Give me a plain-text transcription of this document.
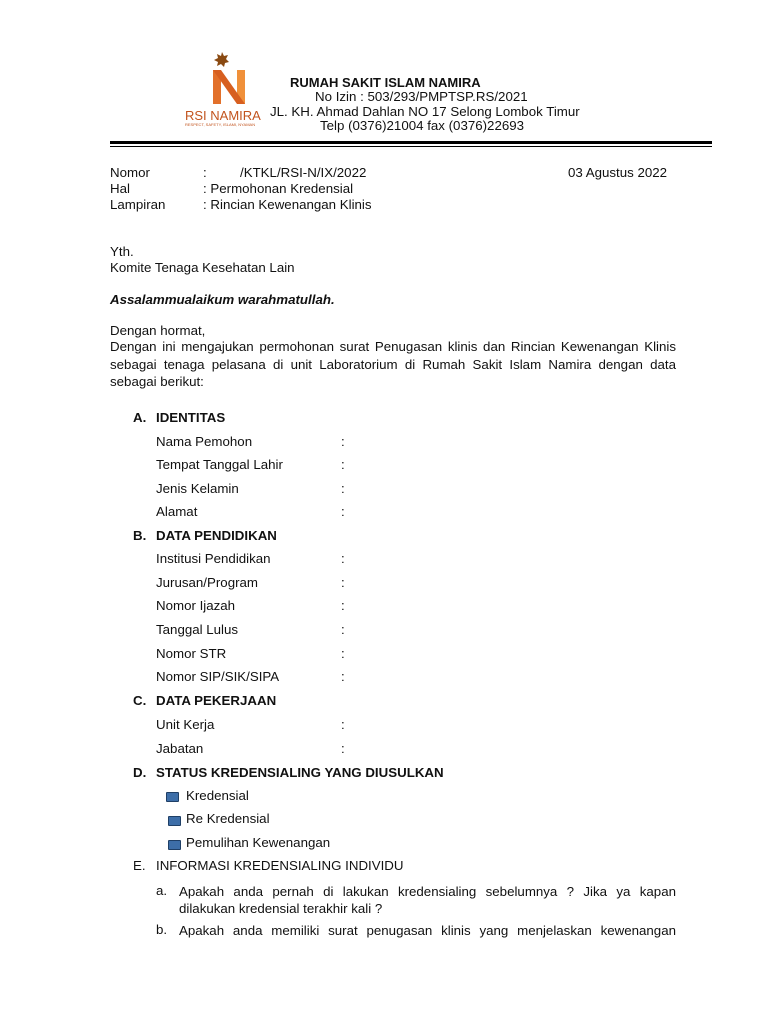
RSI NAMIRA
RESPECT, SAFETY, ISLAMI, NYAMAN
RUMAH SAKIT ISLAM NAMIRA
No Izin : 503/293/PMPTSP.RS/2021
JL. KH. Ahmad Dahlan NO 17 Selong Lombok Timur
Telp (0376)21004 fax (0376)22693
Nomor	:	/KTKL/RSI-N/IX/2022	03 Agustus 2022
Hal	: Permohonan Kredensial
Lampiran	: Rincian Kewenangan Klinis
Yth.
Komite Tenaga Kesehatan Lain
Assalammualaikum warahmatullah.
Dengan hormat,
Dengan ini mengajukan permohonan surat Penugasan klinis dan Rincian Kewenangan Klinis sebagai tenaga pelasana di unit Laboratorium di Rumah Sakit Islam Namira dengan data sebagai berikut:
A. IDENTITAS
Nama Pemohon	:
Tempat Tanggal Lahir	:
Jenis Kelamin	:
Alamat	:
B. DATA PENDIDIKAN
Institusi Pendidikan	:
Jurusan/Program	:
Nomor Ijazah	:
Tanggal Lulus	:
Nomor STR	:
Nomor SIP/SIK/SIPA	:
C. DATA PEKERJAAN
Unit Kerja	:
Jabatan	:
D. STATUS KREDENSIALING YANG DIUSULKAN
Kredensial
Re Kredensial
Pemulihan Kewenangan
E. INFORMASI KREDENSIALING INDIVIDU
a. Apakah anda pernah di lakukan kredensialing sebelumnya ? Jika ya kapan dilakukan kredensial terakhir kali ?
b. Apakah anda memiliki surat penugasan klinis yang menjelaskan kewenangan
